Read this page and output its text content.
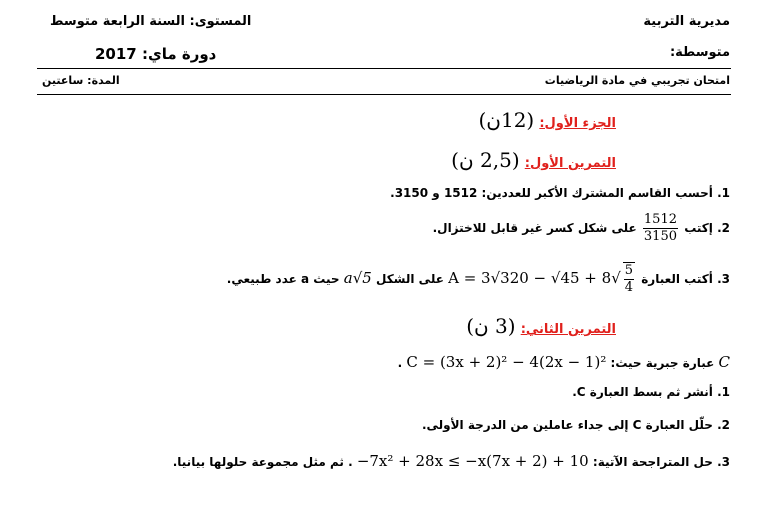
مديرية التربية
المستوى: السنة الرابعة متوسط
متوسطة:
دورة ماي: 2017
امتحان تجريبي في مادة الرياضيات
المدة: ساعتين
الجزء الأول: (12ن)
التمرين الأول: (2,5 ن)
1. أحسب القاسم المشترك الأكبر للعددين: 1512 و 3150.
2. إكتب
$\frac{1512}{3150}$
على شكل كسر غير قابل للاختزال.
3. أكتب العبارة $A = 3√320 - √45 + 8√ \frac{5}{4}$
على الشكل a√5 حيث a عدد طبيعي.
التمرين الثاني: (3 ن)
C عبارة جبرية حيث: C = (3x + 2)² − 4(2x − 1)² .
1. أنشر ثم بسط العبارة C.
2. حلّل العبارة C إلى جداء عاملين من الدرجة الأولى.
3. حل المتراجحة الآتية: −7x² + 28x ≤ −x(7x + 2) + 10 . ثم مثل مجموعة حلولها بيانيا.
